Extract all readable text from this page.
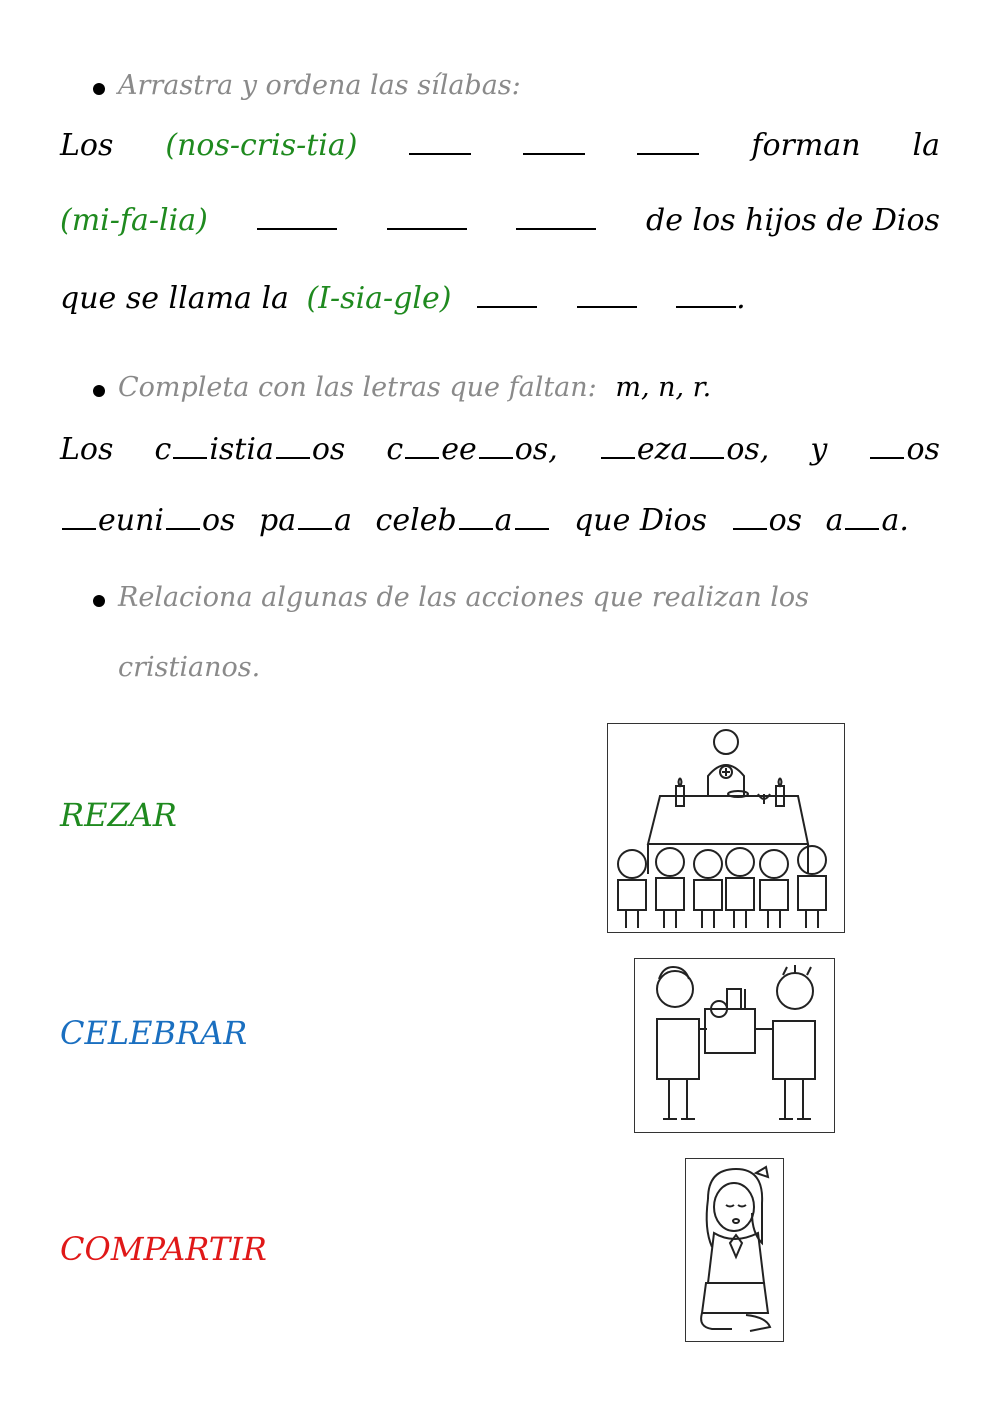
Arrastra y ordena las sílabas:
Los (nos-cris-tia)	forman la
(mi-fa-lia)	de los hijos de Dios
que se llama la (I-sia-gle)	.
Completa con las letras que faltan: m, n, r.
Los c istia os c ee os,	eza os, y	os
euni os pa a celeb a que Dios os a a.
Relaciona algunas de las acciones que realizan los
cristianos.
REZAR
CELEBRAR
COMPARTIR
